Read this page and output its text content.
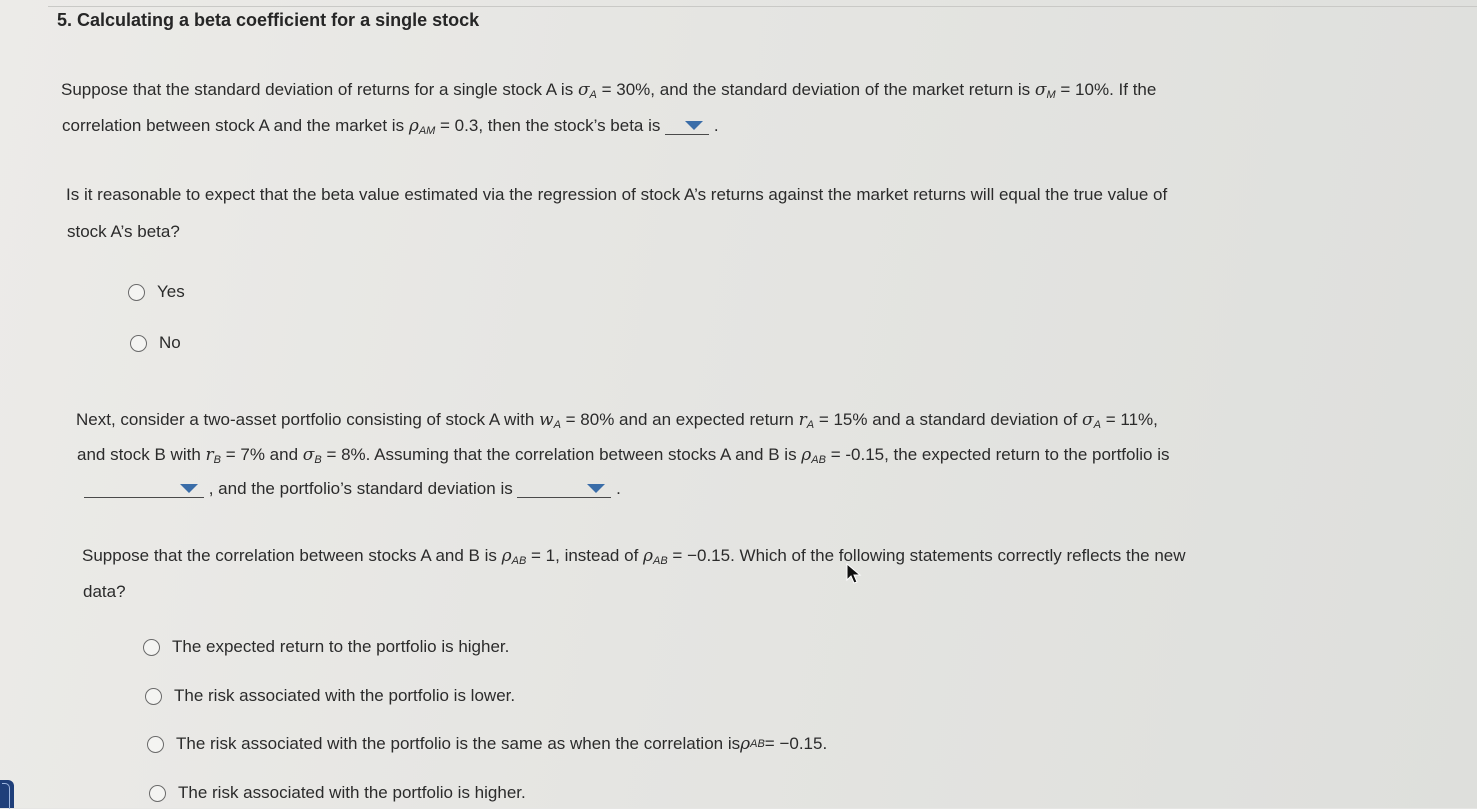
5. Calculating a beta coefficient for a single stock
Suppose that the standard deviation of returns for a single stock A is $\sigma_A = 30\%$, and the standard deviation of the market return is $\sigma_M = 10\%$. If the
correlation between stock A and the market is $\rho_{AM} = 0.3$, then the stock’s beta is	.
Is it reasonable to expect that the beta value estimated via the regression of stock A’s returns against the market returns will equal the true value of
stock A’s beta?
Yes
No
Next, consider a two-asset portfolio consisting of stock A with $w_A = 80\%$ and an expected return $r_A = 15\%$ and a standard deviation of $\sigma_A = 11\%$,
and stock B with $r_B = 7\%$ and $\sigma_B = 8\%$. Assuming that the correlation between stocks A and B is $\rho_{AB} = -0.15$, the expected return to the portfolio is
, and the portfolio’s standard deviation is	.
Suppose that the correlation between stocks A and B is $\rho_{AB} = 1$, instead of $\rho_{AB} = -0.15$. Which of the following statements correctly reflects the new
data?
The expected return to the portfolio is higher.
The risk associated with the portfolio is lower.
The risk associated with the portfolio is the same as when the correlation is ρ AB = −0.15.
The risk associated with the portfolio is higher.
